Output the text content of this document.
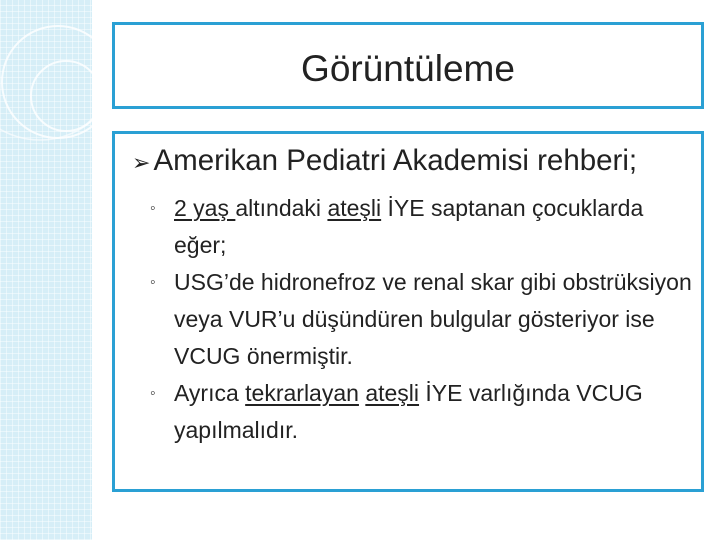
Görüntüleme
➢ Amerikan Pediatri Akademisi rehberi;
◦ 2 yaş altındaki ateşli İYE saptanan çocuklarda eğer;
◦ USG’de hidronefroz ve renal skar gibi obstrüksiyon veya VUR’u düşündüren bulgular gösteriyor ise VCUG önermiştir.
◦ Ayrıca tekrarlayan ateşli İYE varlığında VCUG yapılmalıdır.
